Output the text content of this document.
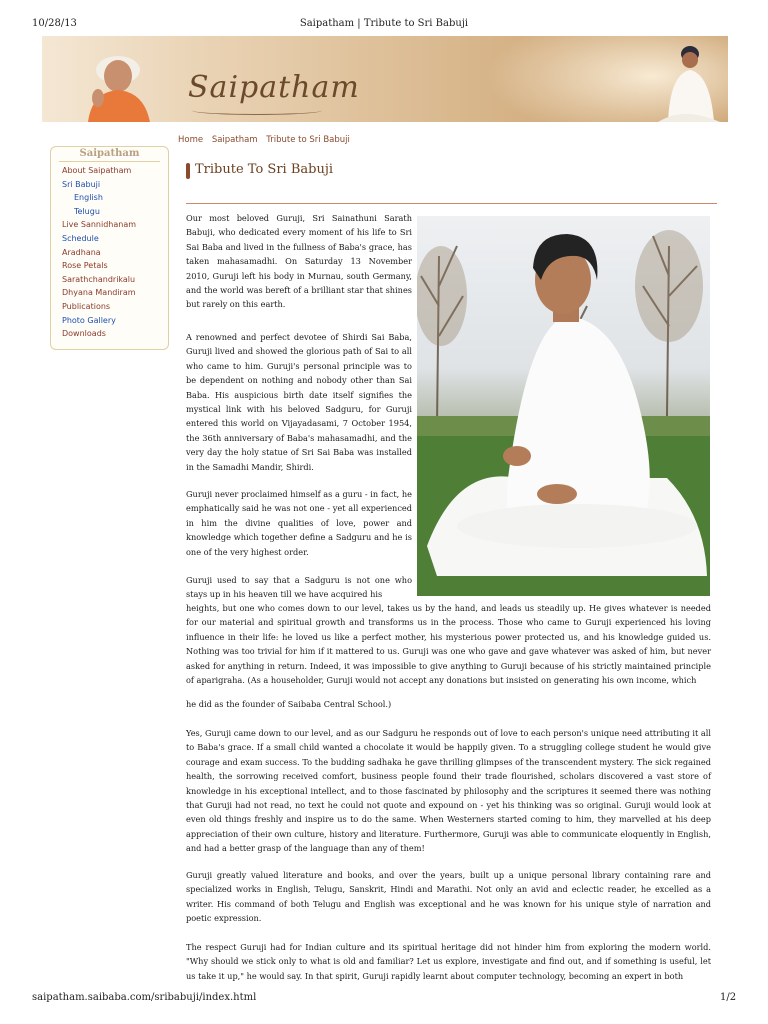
10/28/13	Saipatham | Tribute to Sri Babuji
Saipatham
Home Saipatham Tribute to Sri Babuji
Saipatham
About Saipatham
Sri Babuji
English
Telugu
Live Sannidhanam
Schedule
Aradhana
Rose Petals
Sarathchandrikalu
Dhyana Mandiram
Publications
Photo Gallery
Downloads
Tribute To Sri Babuji

Our most beloved Guruji, Sri Sainathuni Sarath Babuji, who dedicated every moment of his life to Sri Sai Baba and lived in the fullness of Baba's grace, has taken mahasamadhi. On Saturday 13 November 2010, Guruji left his body in Murnau, south Germany, and the world was bereft of a brilliant star that shines but rarely on this earth.

A renowned and perfect devotee of Shirdi Sai Baba, Guruji lived and showed the glorious path of Sai to all who came to him. Guruji's personal principle was to be dependent on nothing and nobody other than Sai Baba. His auspicious birth date itself signifies the mystical link with his beloved Sadguru, for Guruji entered this world on Vijayadasami, 7 October 1954, the 36th anniversary of Baba's mahasamadhi, and the very day the holy statue of Sri Sai Baba was installed in the Samadhi Mandir, Shirdi.

Guruji never proclaimed himself as a guru - in fact, he emphatically said he was not one - yet all experienced in him the divine qualities of love, power and knowledge which together define a Sadguru and he is one of the very highest order.

Guruji used to say that a Sadguru is not one who stays up in his heaven till we have acquired his

heights, but one who comes down to our level, takes us by the hand, and leads us steadily up. He gives whatever is needed for our material and spiritual growth and transforms us in the process. Those who came to Guruji experienced his loving influence in their life: he loved us like a perfect mother, his mysterious power protected us, and his knowledge guided us. Nothing was too trivial for him if it mattered to us. Guruji was one who gave and gave whatever was asked of him, but never asked for anything in return. Indeed, it was impossible to give anything to Guruji because of his strictly maintained principle of aparigraha. (As a householder, Guruji would not accept any donations but insisted on generating his own income, which

he did as the founder of Saibaba Central School.)

Yes, Guruji came down to our level, and as our Sadguru he responds out of love to each person's unique need attributing it all to Baba's grace. If a small child wanted a chocolate it would be happily given. To a struggling college student he would give courage and exam success. To the budding sadhaka he gave thrilling glimpses of the transcendent mystery. The sick regained health, the sorrowing received comfort, business people found their trade flourished, scholars discovered a vast store of knowledge in his exceptional intellect, and to those fascinated by philosophy and the scriptures it seemed there was nothing that Guruji had not read, no text he could not quote and expound on - yet his thinking was so original. Guruji would look at even old things freshly and inspire us to do the same. When Westerners started coming to him, they marvelled at his deep appreciation of their own culture, history and literature. Furthermore, Guruji was able to communicate eloquently in English, and had a better grasp of the language than any of them!

Guruji greatly valued literature and books, and over the years, built up a unique personal library containing rare and specialized works in English, Telugu, Sanskrit, Hindi and Marathi. Not only an avid and eclectic reader, he excelled as a writer. His command of both Telugu and English was exceptional and he was known for his unique style of narration and poetic expression.

The respect Guruji had for Indian culture and its spiritual heritage did not hinder him from exploring the modern world. "Why should we stick only to what is old and familiar? Let us explore, investigate and find out, and if something is useful, let us take it up," he would say. In that spirit, Guruji rapidly learnt about computer technology, becoming an expert in both

saipatham.saibaba.com/sribabuji/index.html	1/2
